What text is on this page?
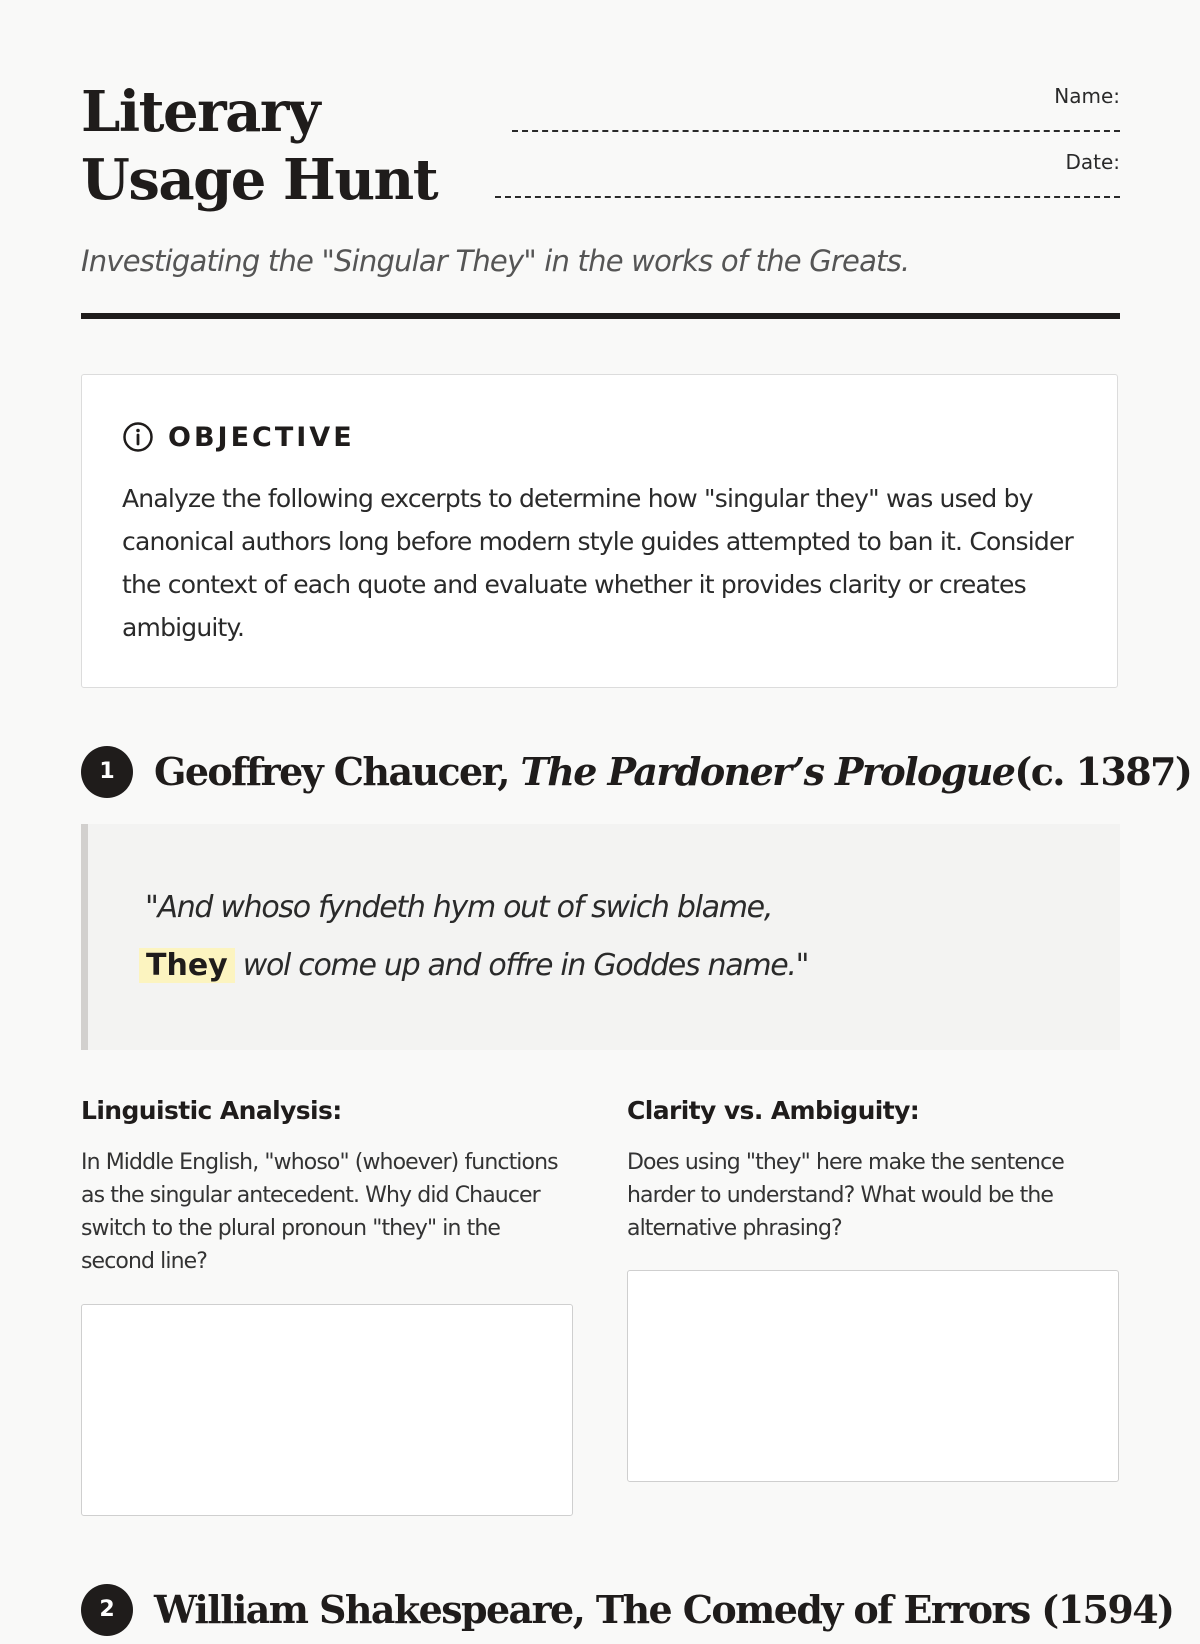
Literary Usage Hunt
Name:
Date:

Investigating the "Singular They" in the works of the Greats.

OBJECTIVE

Analyze the following excerpts to determine how "singular they" was used by canonical authors long before modern style guides attempted to ban it. Consider the context of each quote and evaluate whether it provides clarity or creates ambiguity.

1	Geoffrey Chaucer, The Pardoner’s Prologue(c. 1387)

"And whoso fyndeth hym out of swich blame,

They wol come up and offre in Goddes name."

Linguistic Analysis:

In Middle English, "whoso" (whoever) functions as the singular antecedent. Why did Chaucer switch to the plural pronoun "they" in the second line?

Clarity vs. Ambiguity:

Does using "they" here make the sentence harder to understand? What would be the alternative phrasing?

2	William Shakespeare, The Comedy of Errors (1594)
